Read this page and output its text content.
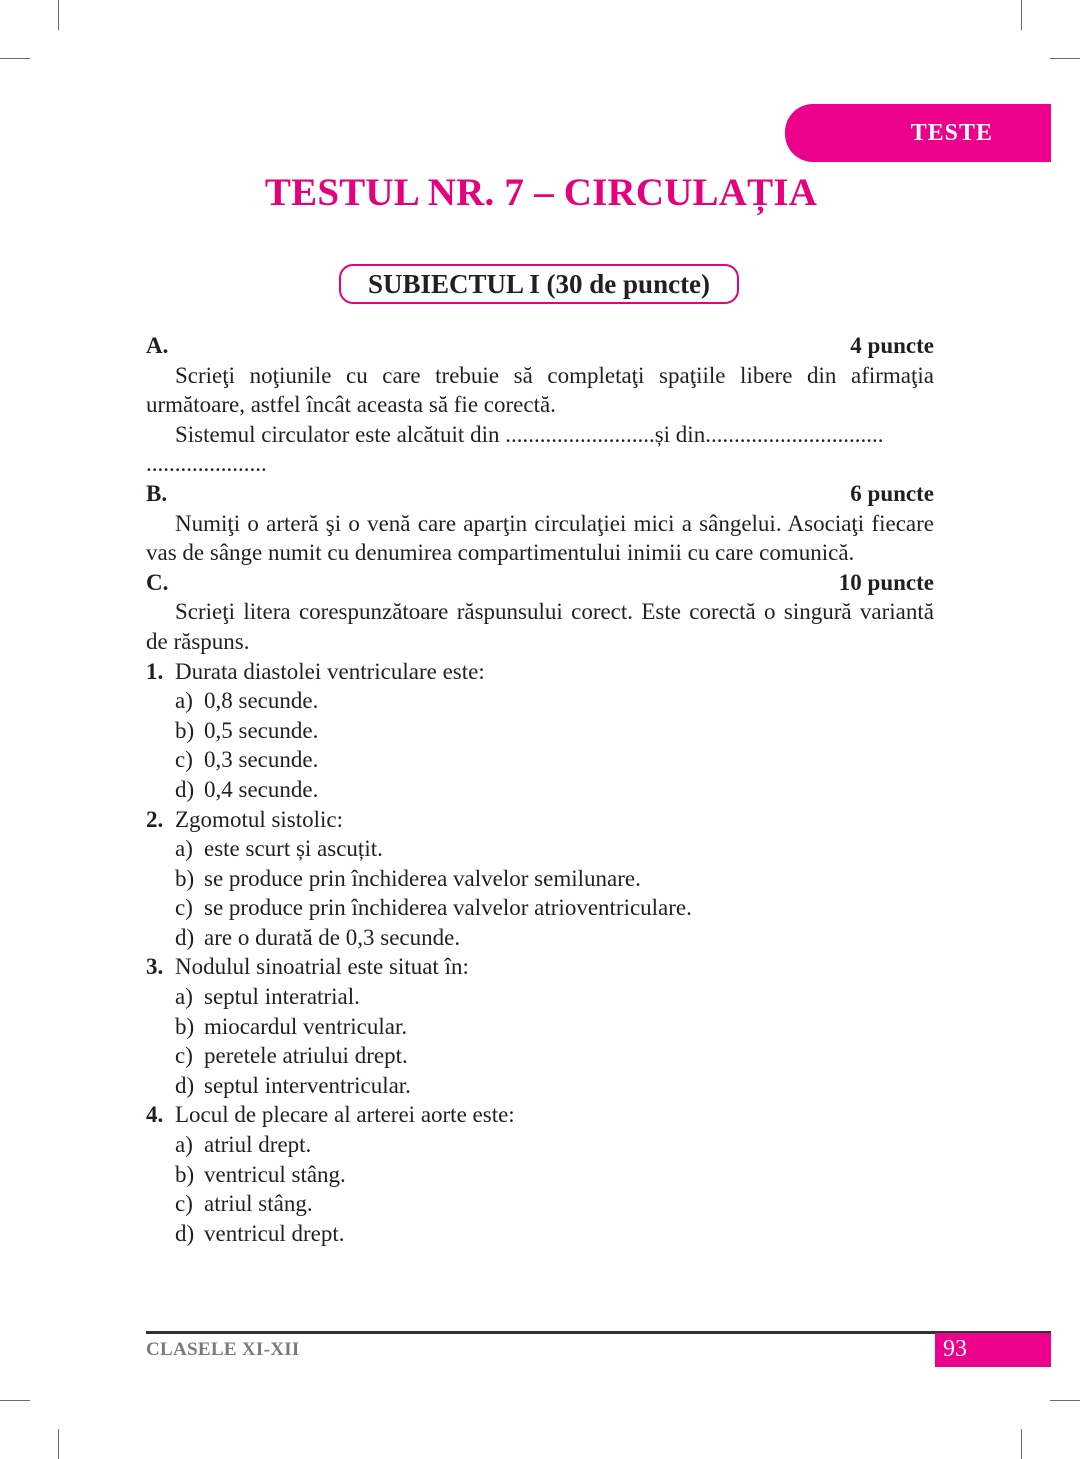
TESTE
TESTUL NR. 7 – CIRCULAȚIA
SUBIECTUL I (30 de puncte)
A.	4 puncte
Scrieţi noţiunile cu care trebuie să completaţi spaţiile libere din afirmaţia următoare, astfel încât aceasta să fie corectă.
Sistemul circulator este alcătuit din ..........................și din...............................
.....................
B.	6 puncte
Numiţi o arteră şi o venă care aparţin circulaţiei mici a sângelui. Asociaţi fiecare vas de sânge numit cu denumirea compartimentului inimii cu care comunică.
C.	10 puncte
Scrieţi litera corespunzătoare răspunsului corect. Este corectă o singură variantă de răspuns.
1. Durata diastolei ventriculare este:
a) 0,8 secunde.
b) 0,5 secunde.
c) 0,3 secunde.
d) 0,4 secunde.
2. Zgomotul sistolic:
a) este scurt și ascuțit.
b) se produce prin închiderea valvelor semilunare.
c) se produce prin închiderea valvelor atrioventriculare.
d) are o durată de 0,3 secunde.
3. Nodulul sinoatrial este situat în:
a) septul interatrial.
b) miocardul ventricular.
c) peretele atriului drept.
d) septul interventricular.
4. Locul de plecare al arterei aorte este:
a) atriul drept.
b) ventricul stâng.
c) atriul stâng.
d) ventricul drept.
CLASELE XI-XII	93
